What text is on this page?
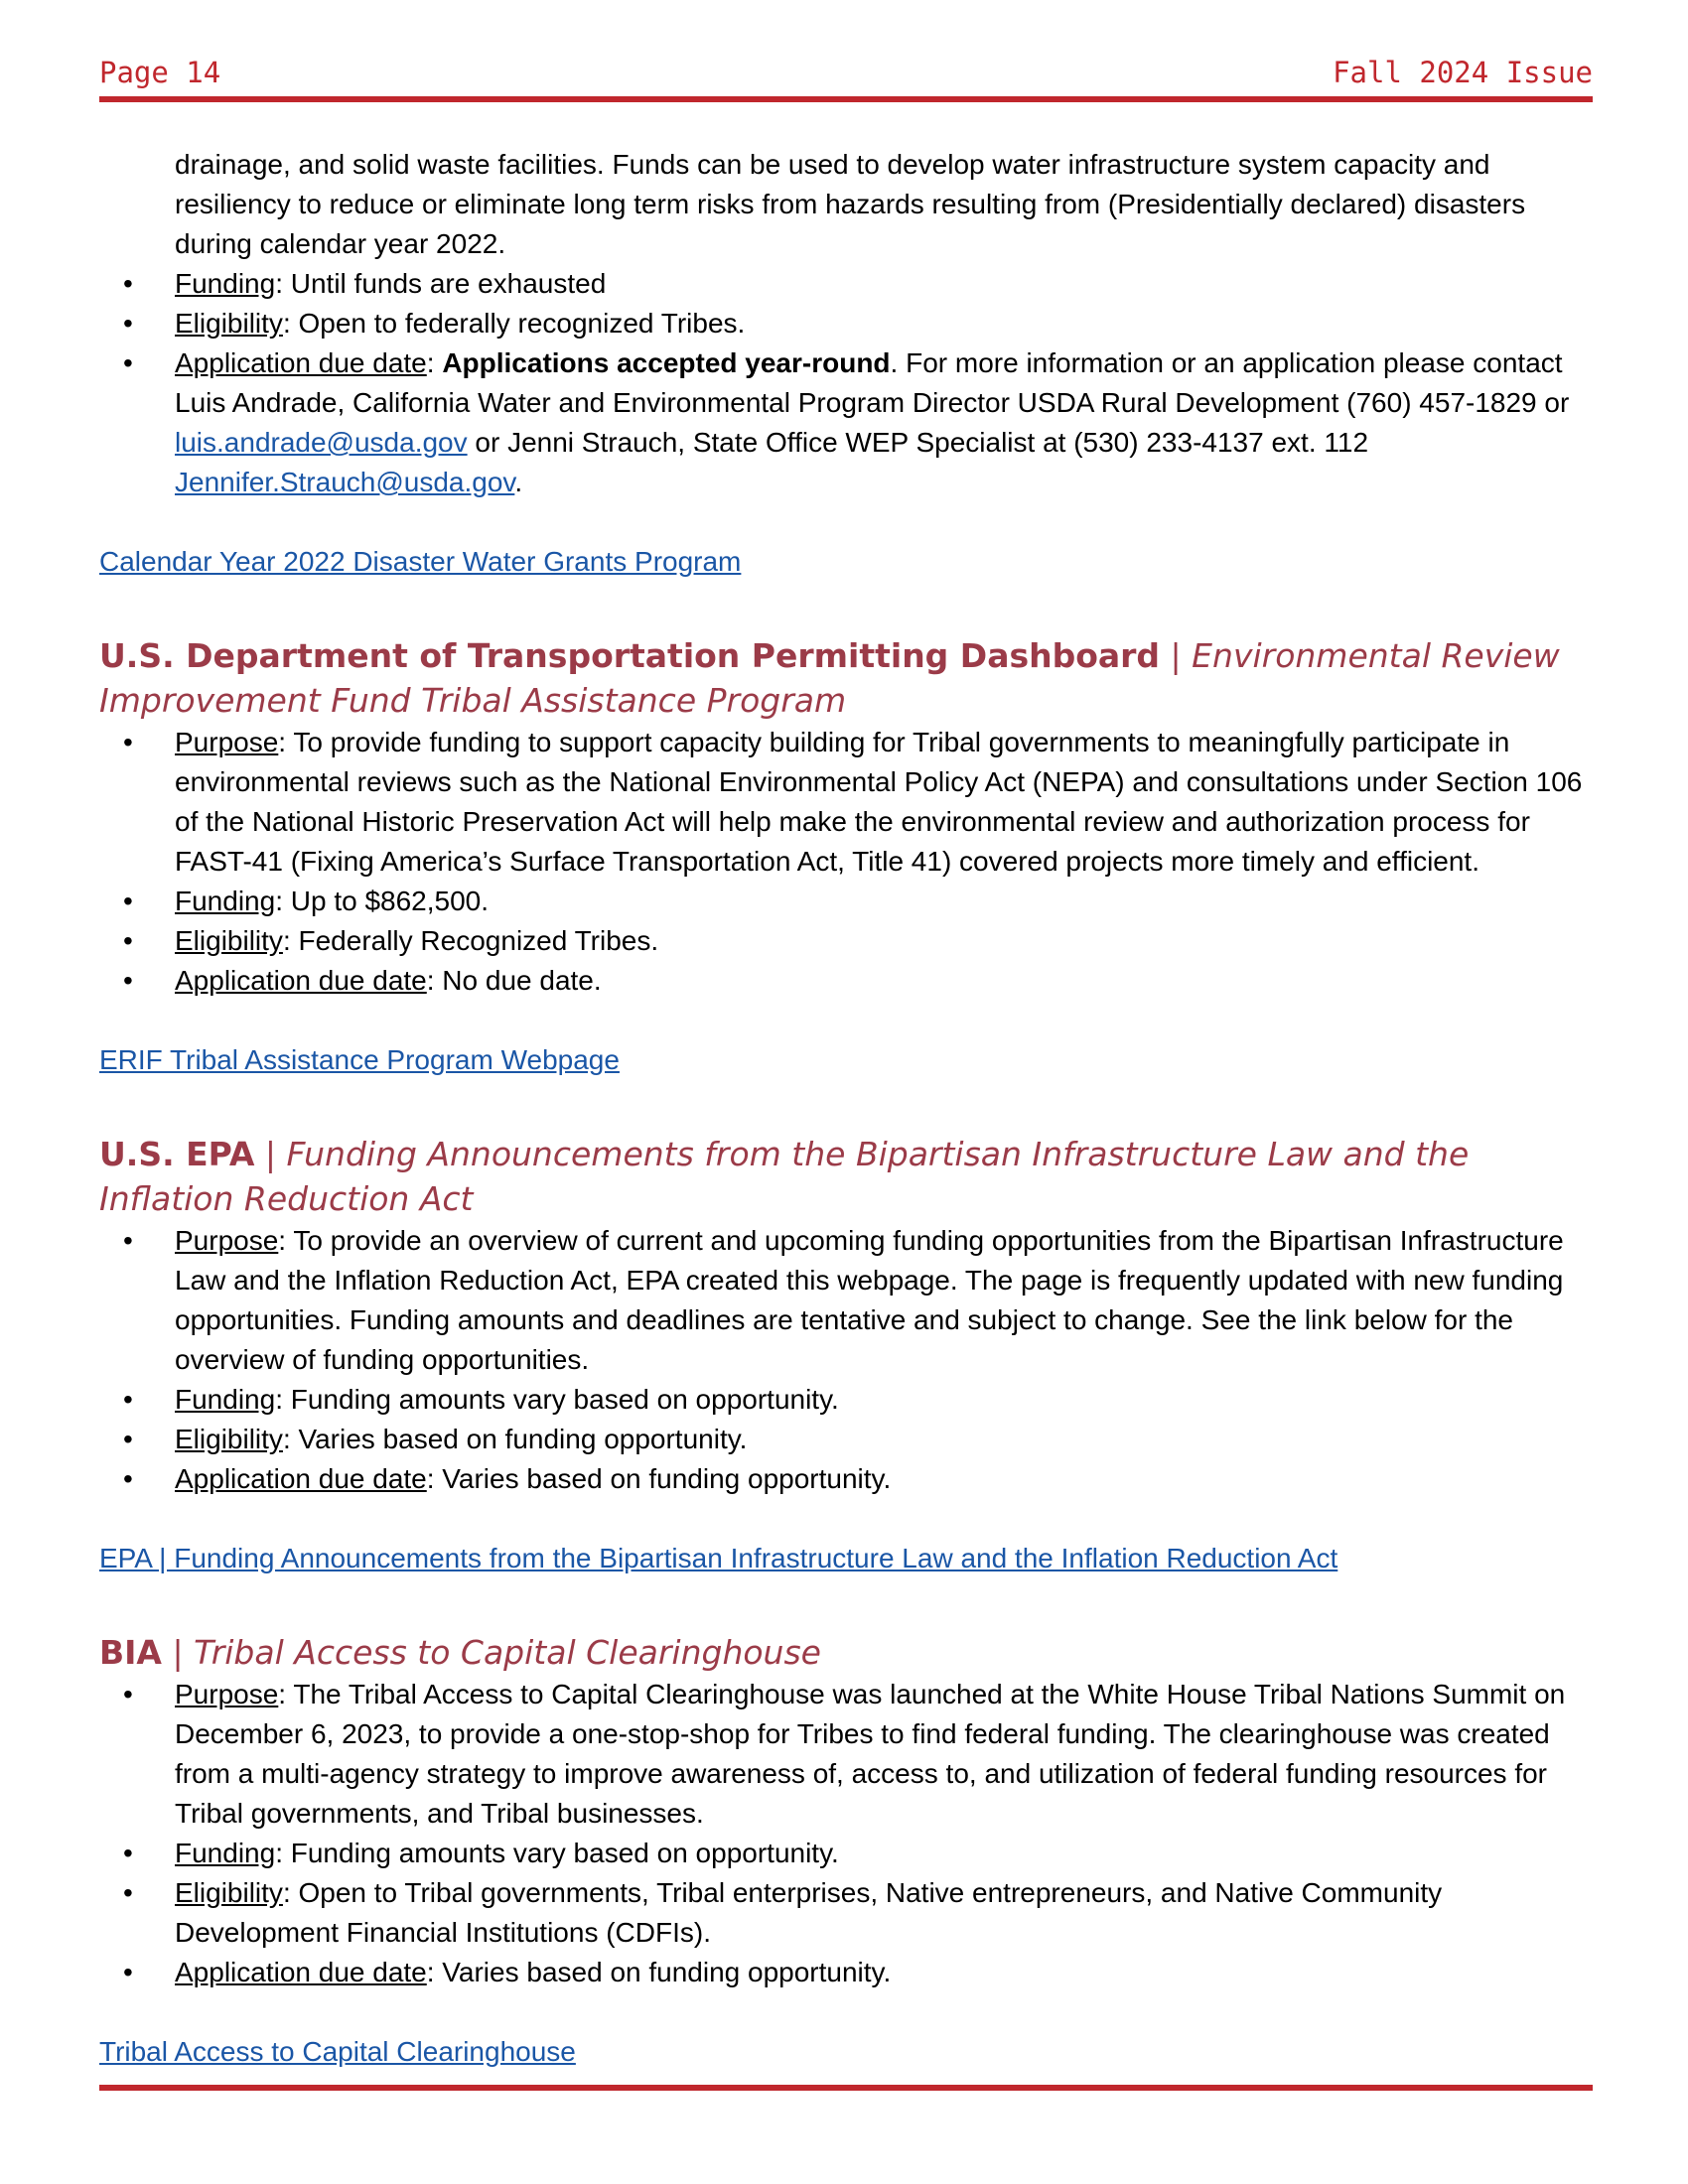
Page 14	Fall 2024 Issue

drainage, and solid waste facilities. Funds can be used to develop water infrastructure system capacity and resiliency to reduce or eliminate long term risks from hazards resulting from (Presidentially declared) disasters during calendar year 2022.

• Funding: Until funds are exhausted
• Eligibility: Open to federally recognized Tribes.
• Application due date: Applications accepted year-round. For more information or an application please contact Luis Andrade, California Water and Environmental Program Director USDA Rural Development (760) 457-1829 or luis.andrade@usda.gov or Jenni Strauch, State Office WEP Specialist at (530) 233-4137 ext. 112 Jennifer.Strauch@usda.gov.

Calendar Year 2022 Disaster Water Grants Program

U.S. Department of Transportation Permitting Dashboard | Environmental Review Improvement Fund Tribal Assistance Program
• Purpose: To provide funding to support capacity building for Tribal governments to meaningfully participate in environmental reviews such as the National Environmental Policy Act (NEPA) and consultations under Section 106 of the National Historic Preservation Act will help make the environmental review and authorization process for FAST-41 (Fixing America’s Surface Transportation Act, Title 41) covered projects more timely and efficient.
• Funding: Up to $862,500.
• Eligibility: Federally Recognized Tribes.
• Application due date: No due date.

ERIF Tribal Assistance Program Webpage

U.S. EPA | Funding Announcements from the Bipartisan Infrastructure Law and the Inflation Reduction Act
• Purpose: To provide an overview of current and upcoming funding opportunities from the Bipartisan Infrastructure Law and the Inflation Reduction Act, EPA created this webpage. The page is frequently updated with new funding opportunities. Funding amounts and deadlines are tentative and subject to change. See the link below for the overview of funding opportunities.
• Funding: Funding amounts vary based on opportunity.
• Eligibility: Varies based on funding opportunity.
• Application due date: Varies based on funding opportunity.

EPA | Funding Announcements from the Bipartisan Infrastructure Law and the Inflation Reduction Act

BIA | Tribal Access to Capital Clearinghouse
• Purpose: The Tribal Access to Capital Clearinghouse was launched at the White House Tribal Nations Summit on December 6, 2023, to provide a one-stop-shop for Tribes to find federal funding. The clearinghouse was created from a multi-agency strategy to improve awareness of, access to, and utilization of federal funding resources for Tribal governments, and Tribal businesses.
• Funding: Funding amounts vary based on opportunity.
• Eligibility: Open to Tribal governments, Tribal enterprises, Native entrepreneurs, and Native Community Development Financial Institutions (CDFIs).
• Application due date: Varies based on funding opportunity.

Tribal Access to Capital Clearinghouse
